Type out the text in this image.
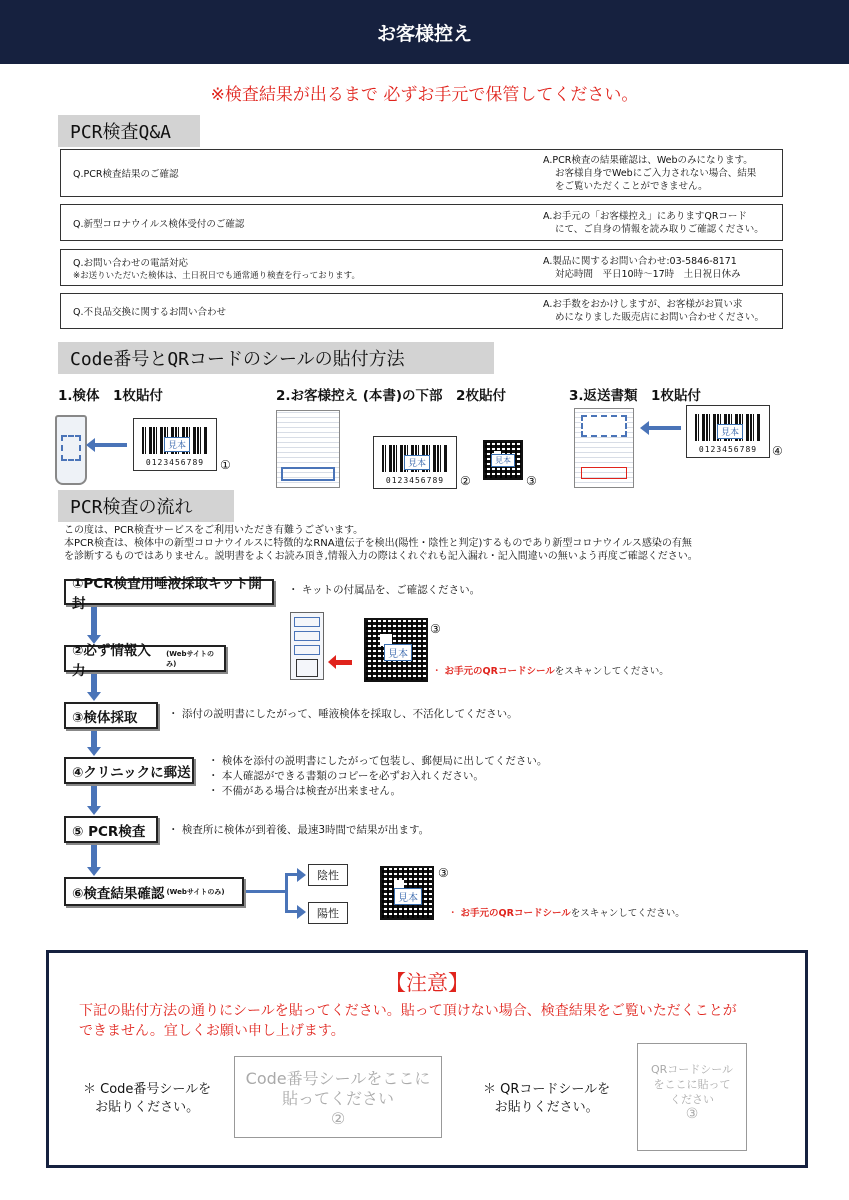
お客様控え
※検査結果が出るまで 必ずお手元で保管してください。
PCR検査Q&A
Q.PCR検査結果のご確認
A.PCR検査の結果確認は、Webのみになります。
お客様自身でWebにご入力されない場合、結果
をご覧いただくことができません。
Q.新型コロナウイルス検体受付のご確認
A.お手元の「お客様控え」にありますQRコード
にて、ご自身の情報を読み取りご確認ください。
Q.お問い合わせの電話対応
※お送りいただいた検体は、土日祝日でも通常通り検査を行っております。
A.製品に関するお問い合わせ:03-5846-8171
対応時間　平日10時～17時　土日祝日休み
Q.不良品交換に関するお問い合わせ
A.お手数をおかけしますが、お客様がお買い求
めになりました販売店にお問い合わせください。
Code番号とQRコードのシールの貼付方法
1.検体　1枚貼付	2.お客様控え (本書)の下部　2枚貼付	3.返送書類　1枚貼付
見本
0123456789	①	見本
0123456789	②
見本
③
見本
0123456789	④
PCR検査の流れ
この度は、PCR検査サービスをご利用いただき有難うございます。
本PCR検査は、検体中の新型コロナウイルスに特徴的なRNA遺伝子を検出(陽性・陰性と判定)するものであり新型コロナウイルス感染の有無
を診断するものではありません。説明書をよくお読み頂き,情報入力の際はくれぐれも記入漏れ・記入間違いの無いよう再度ご確認ください。
①PCR検査用唾液採取キット開封
・ キットの付属品を、ご確認ください。
②必ず情報入力
(Webサイトのみ)
③検体採取	・ 添付の説明書にしたがって、唾液検体を採取し、不活化してください。
④クリニックに郵送
・ 検体を添付の説明書にしたがって包装し、郵便局に出してください。
・ 本人確認ができる書類のコピーを必ずお入れください。
・ 不備がある場合は検査が出来ません。
⑤ PCR検査 ・ 検査所に検体が到着後、最速3時間で結果が出ます。
⑥検査結果確認 (Webサイトのみ)
見本
③
・ お手元のQRコードシールをスキャンしてください。
陰性
陽性
見本
③
・ お手元のQRコードシールをスキャンしてください。
【注意】
下記の貼付方法の通りにシールを貼ってください。貼って頂けない場合、検査結果をご覧いただくことが
できません。宜しくお願い申し上げます。
＊ Code番号シールを
お貼りください。
Code番号シールをここに
貼ってください
②
＊ QRコードシールを
お貼りください。
QRコードシール
をここに貼って
ください
③
